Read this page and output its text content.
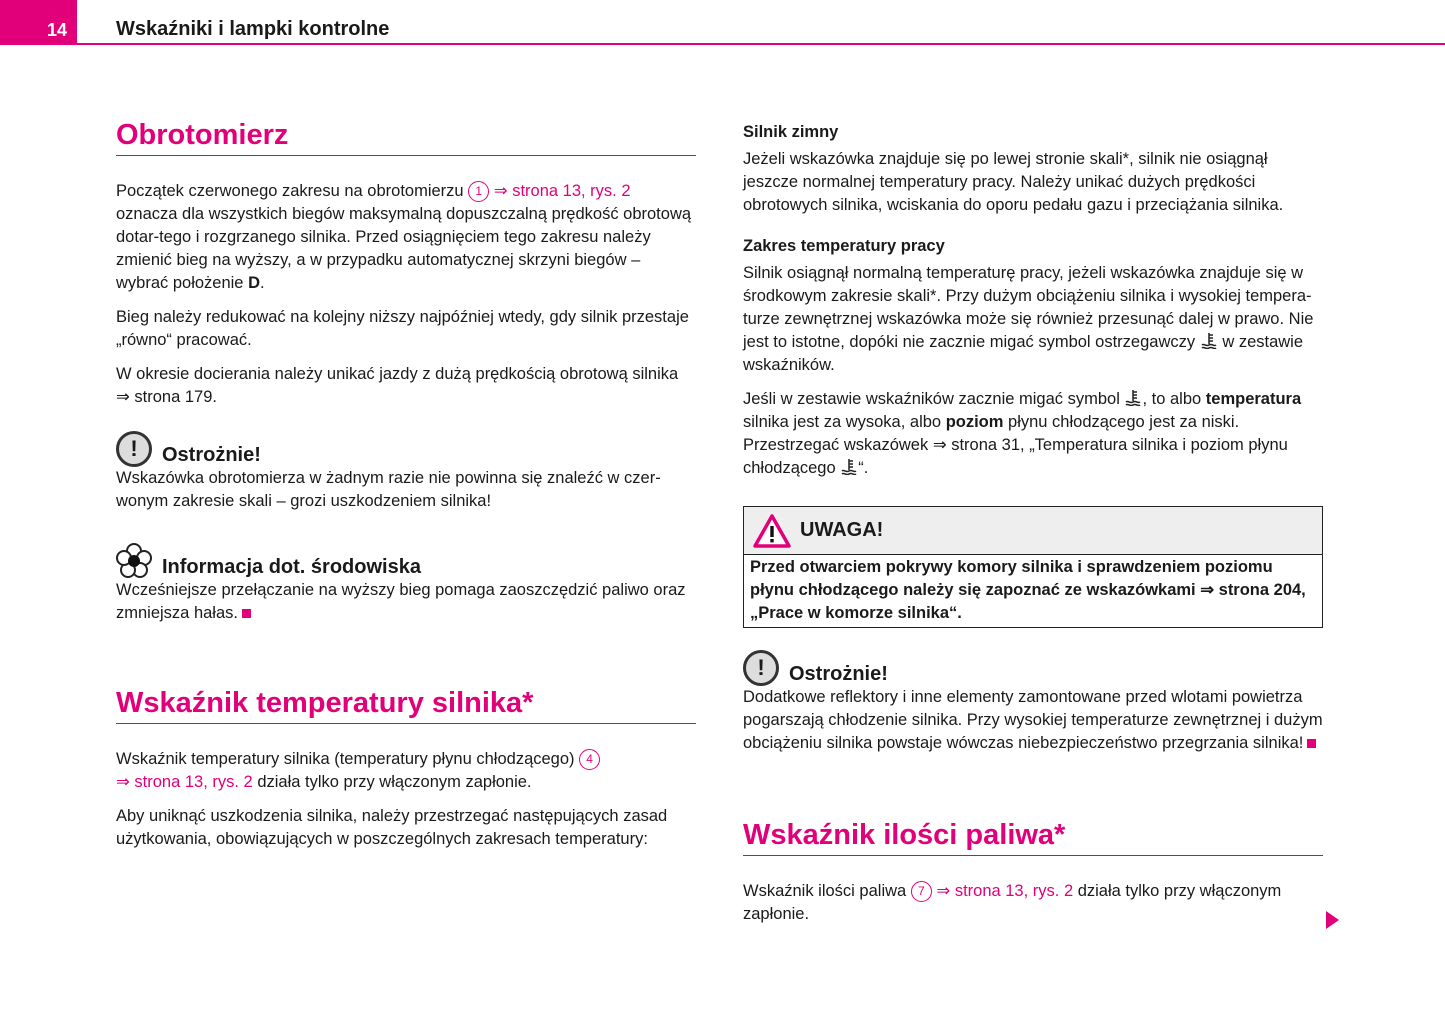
14	Wskaźniki i lampki kontrolne
Obrotomierz

Początek czerwonego zakresu na obrotomierzu 1 ⇒ strona 13, rys. 2 oznacza dla wszystkich biegów maksymalną dopuszczalną prędkość obrotową dotar-tego i rozgrzanego silnika. Przed osiągnięciem tego zakresu należy zmienić bieg na wyższy, a w przypadku automatycznej skrzyni biegów – wybrać położenie D.

Bieg należy redukować na kolejny niższy najpóźniej wtedy, gdy silnik przestaje „równo“ pracować.

W okresie docierania należy unikać jazdy z dużą prędkością obrotową silnika ⇒ strona 179.

!	Ostrożnie!

Wskazówka obrotomierza w żadnym razie nie powinna się znaleźć w czer-wonym zakresie skali – grozi uszkodzeniem silnika!

Informacja dot. środowiska

Wcześniejsze przełączanie na wyższy bieg pomaga zaoszczędzić paliwo oraz zmniejsza hałas.

Wskaźnik temperatury silnika*

Wskaźnik temperatury silnika (temperatury płynu chłodzącego) 4
⇒ strona 13, rys. 2 działa tylko przy włączonym zapłonie.

Aby uniknąć uszkodzenia silnika, należy przestrzegać następujących zasad użytkowania, obowiązujących w poszczególnych zakresach temperatury:

Silnik zimny

Jeżeli wskazówka znajduje się po lewej stronie skali*, silnik nie osiągnął jeszcze normalnej temperatury pracy. Należy unikać dużych prędkości obrotowych silnika, wciskania do oporu pedału gazu i przeciążania silnika.

Zakres temperatury pracy

Silnik osiągnął normalną temperaturę pracy, jeżeli wskazówka znajduje się w środkowym zakresie skali*. Przy dużym obciążeniu silnika i wysokiej tempera-turze zewnętrznej wskazówka może się również przesunąć dalej w prawo. Nie jest to istotne, dopóki nie zacznie migać symbol ostrzegawczy w zestawie wskaźników.

Jeśli w zestawie wskaźników zacznie migać symbol , to albo temperatura silnika jest za wysoka, albo poziom płynu chłodzącego jest za niski. Przestrzegać wskazówek ⇒ strona 31, „Temperatura silnika i poziom płynu chłodzącego “.

UWAGA!
Przed otwarciem pokrywy komory silnika i sprawdzeniem poziomu płynu chłodzącego należy się zapoznać ze wskazówkami ⇒ strona 204, „Prace w komorze silnika“.
!	Ostrożnie!

Dodatkowe reflektory i inne elementy zamontowane przed wlotami powietrza pogarszają chłodzenie silnika. Przy wysokiej temperaturze zewnętrznej i dużym obciążeniu silnika powstaje wówczas niebezpieczeństwo przegrzania silnika!

Wskaźnik ilości paliwa*

Wskaźnik ilości paliwa 7 ⇒ strona 13, rys. 2 działa tylko przy włączonym zapłonie.
